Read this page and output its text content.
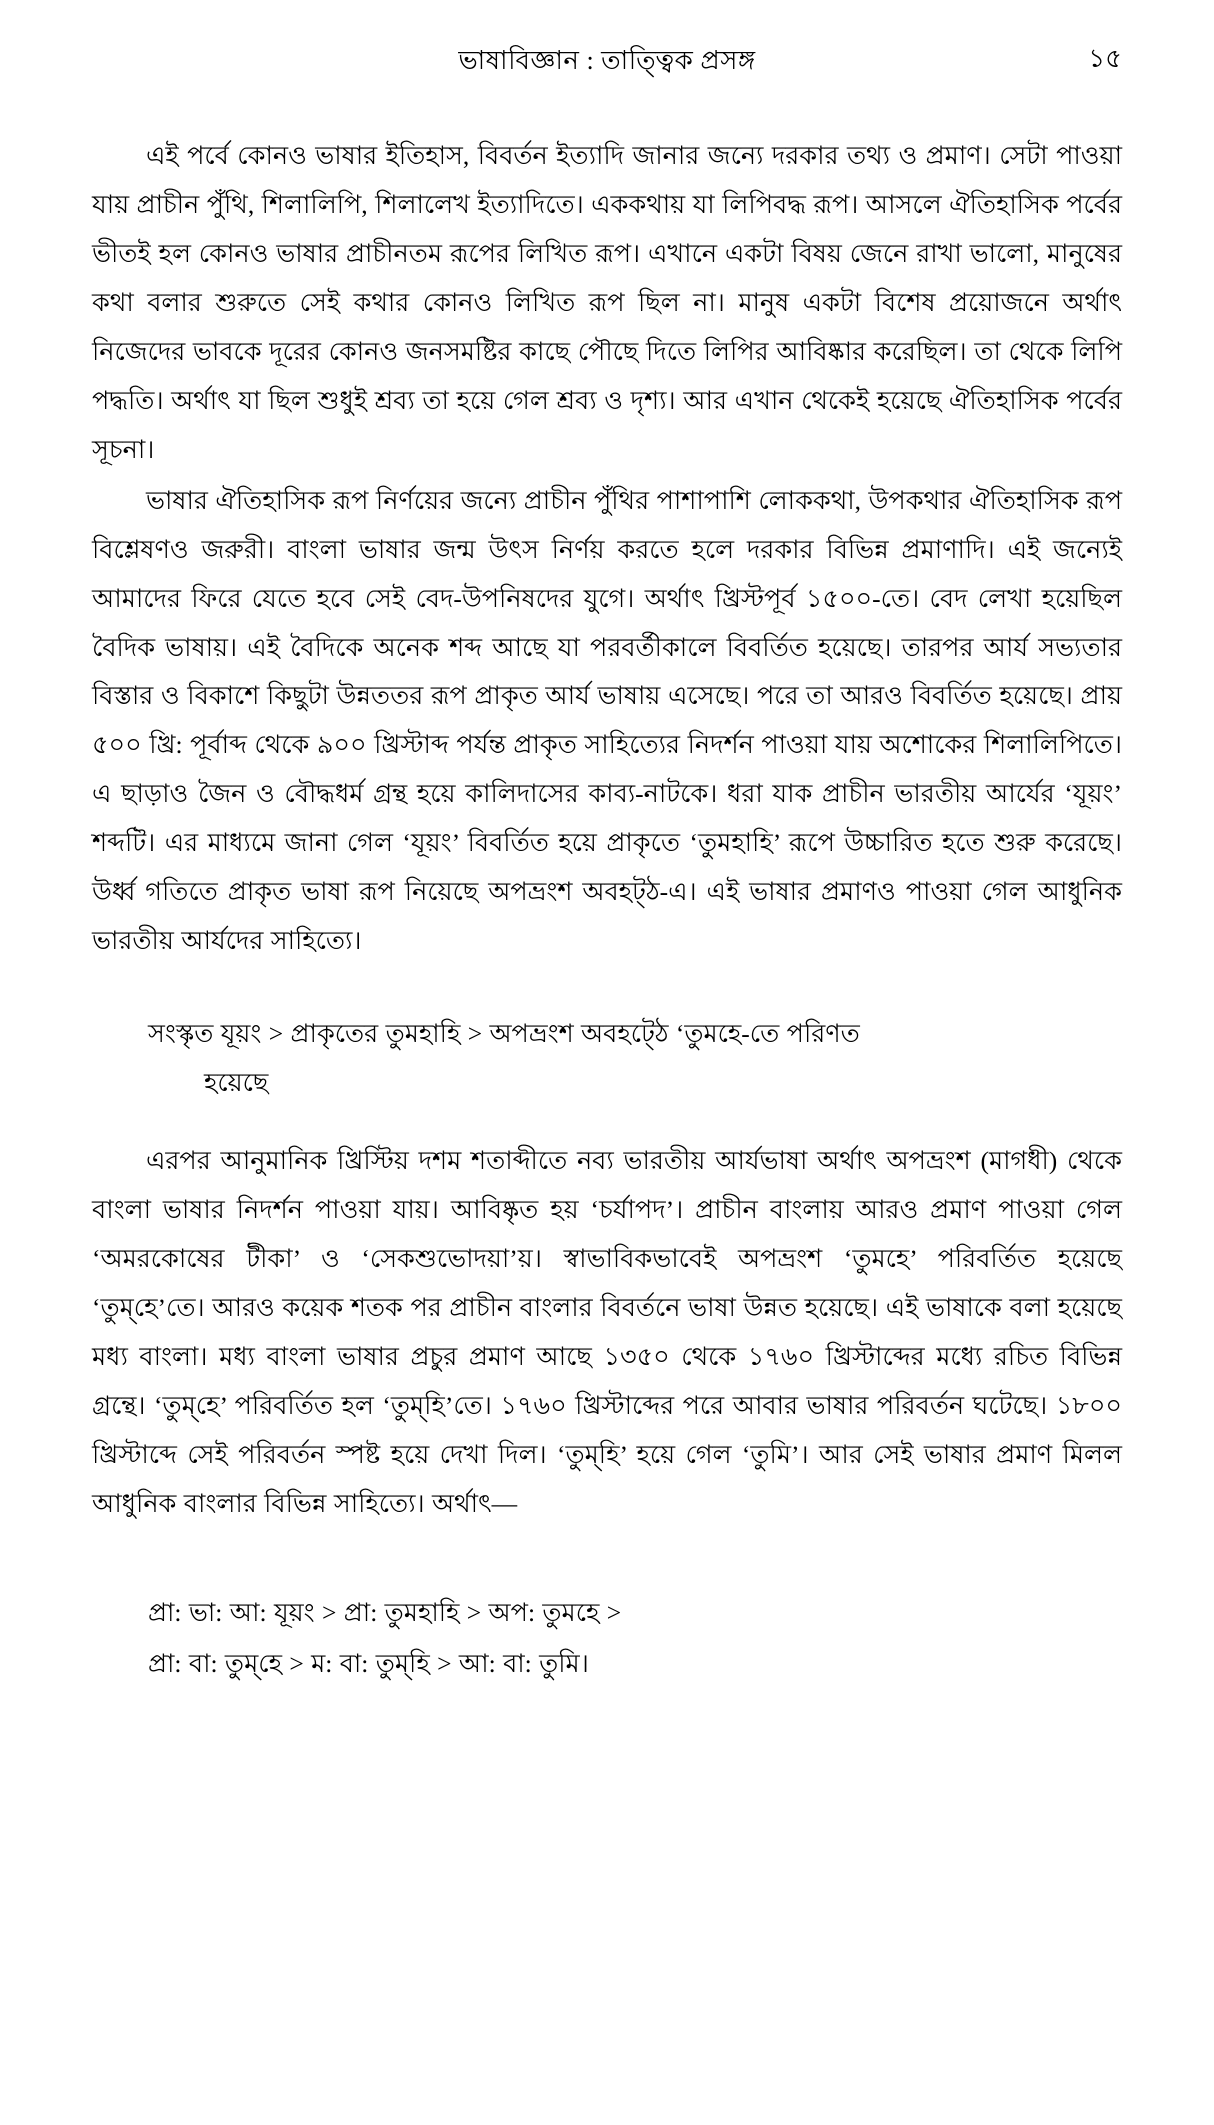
ভাষাবিজ্ঞান : তাত্ত্বিক প্রসঙ্গ	১৫

এই পর্বে কোনও ভাষার ইতিহাস, বিবর্তন ইত্যাদি জানার জন্যে দরকার তথ্য ও প্রমাণ। সেটা পাওয়া যায় প্রাচীন পুঁথি, শিলালিপি, শিলালেখ ইত্যাদিতে। এককথায় যা লিপিবদ্ধ রূপ। আসলে ঐতিহাসিক পর্বের ভীতই হল কোনও ভাষার প্রাচীনতম রূপের লিখিত রূপ। এখানে একটা বিষয় জেনে রাখা ভালো, মানুষের কথা বলার শুরুতে সেই কথার কোনও লিখিত রূপ ছিল না। মানুষ একটা বিশেষ প্রয়োজনে অর্থাৎ নিজেদের ভাবকে দূরের কোনও জনসমষ্টির কাছে পৌছে দিতে লিপির আবিষ্কার করেছিল। তা থেকে লিপি পদ্ধতি। অর্থাৎ যা ছিল শুধুই শ্রব্য তা হয়ে গেল শ্রব্য ও দৃশ্য। আর এখান থেকেই হয়েছে ঐতিহাসিক পর্বের সূচনা।

ভাষার ঐতিহাসিক রূপ নির্ণয়ের জন্যে প্রাচীন পুঁথির পাশাপাশি লোককথা, উপকথার ঐতিহাসিক রূপ বিশ্লেষণও জরুরী। বাংলা ভাষার জন্ম উৎস নির্ণয় করতে হলে দরকার বিভিন্ন প্রমাণাদি। এই জন্যেই আমাদের ফিরে যেতে হবে সেই বেদ-উপনিষদের যুগে। অর্থাৎ খ্রিস্টপূর্ব ১৫০০-তে। বেদ লেখা হয়েছিল বৈদিক ভাষায়। এই বৈদিকে অনেক শব্দ আছে যা পরবর্তীকালে বিবর্তিত হয়েছে। তারপর আর্য সভ্যতার বিস্তার ও বিকাশে কিছুটা উন্নততর রূপ প্রাকৃত আর্য ভাষায় এসেছে। পরে তা আরও বিবর্তিত হয়েছে। প্রায় ৫০০ খ্রি: পূর্বাব্দ থেকে ৯০০ খ্রিস্টাব্দ পর্যন্ত প্রাকৃত সাহিত্যের নিদর্শন পাওয়া যায় অশোকের শিলালিপিতে। এ ছাড়াও জৈন ও বৌদ্ধধর্ম গ্রন্থ হয়ে কালিদাসের কাব্য-নাটকে। ধরা যাক প্রাচীন ভারতীয় আর্যের ‘যূয়ং’ শব্দটি। এর মাধ্যমে জানা গেল ‘যূয়ং’ বিবর্তিত হয়ে প্রাকৃতে ‘তুমহাহি’ রূপে উচ্চারিত হতে শুরু করেছে। উর্ধ্ব গতিতে প্রাকৃত ভাষা রূপ নিয়েছে অপভ্রংশ অবহট্ঠ-এ। এই ভাষার প্রমাণও পাওয়া গেল আধুনিক ভারতীয় আর্যদের সাহিত্যে।

সংস্কৃত যূয়ং > প্রাকৃতের তুমহাহি > অপভ্রংশ অবহট্ঠে ‘তুমহে-তে পরিণত
হয়েছে

এরপর আনুমানিক খ্রিস্টিয় দশম শতাব্দীতে নব্য ভারতীয় আর্যভাষা অর্থাৎ অপভ্রংশ (মাগধী) থেকে বাংলা ভাষার নিদর্শন পাওয়া যায়। আবিষ্কৃত হয় ‘চর্যাপদ’। প্রাচীন বাংলায় আরও প্রমাণ পাওয়া গেল ‘অমরকোষের টীকা’ ও ‘সেকশুভোদয়া’য়। স্বাভাবিকভাবেই অপভ্রংশ ‘তুমহে’ পরিবর্তিত হয়েছে ‘তুম্‌হে’তে। আরও কয়েক শতক পর প্রাচীন বাংলার বিবর্তনে ভাষা উন্নত হয়েছে। এই ভাষাকে বলা হয়েছে মধ্য বাংলা। মধ্য বাংলা ভাষার প্রচুর প্রমাণ আছে ১৩৫০ থেকে ১৭৬০ খ্রিস্টাব্দের মধ্যে রচিত বিভিন্ন গ্রন্থে। ‘তুম্‌হে’ পরিবর্তিত হল ‘তুম্‌হি’তে। ১৭৬০ খ্রিস্টাব্দের পরে আবার ভাষার পরিবর্তন ঘটেছে। ১৮০০ খ্রিস্টাব্দে সেই পরিবর্তন স্পষ্ট হয়ে দেখা দিল। ‘তুম্‌হি’ হয়ে গেল ‘তুমি’। আর সেই ভাষার প্রমাণ মিলল আধুনিক বাংলার বিভিন্ন সাহিত্যে। অর্থাৎ—

প্রা: ভা: আ: যূয়ং > প্রা: তুমহাহি > অপ: তুমহে >
প্রা: বা: তুম্‌হে > ম: বা: তুম্‌হি > আ: বা: তুমি।
